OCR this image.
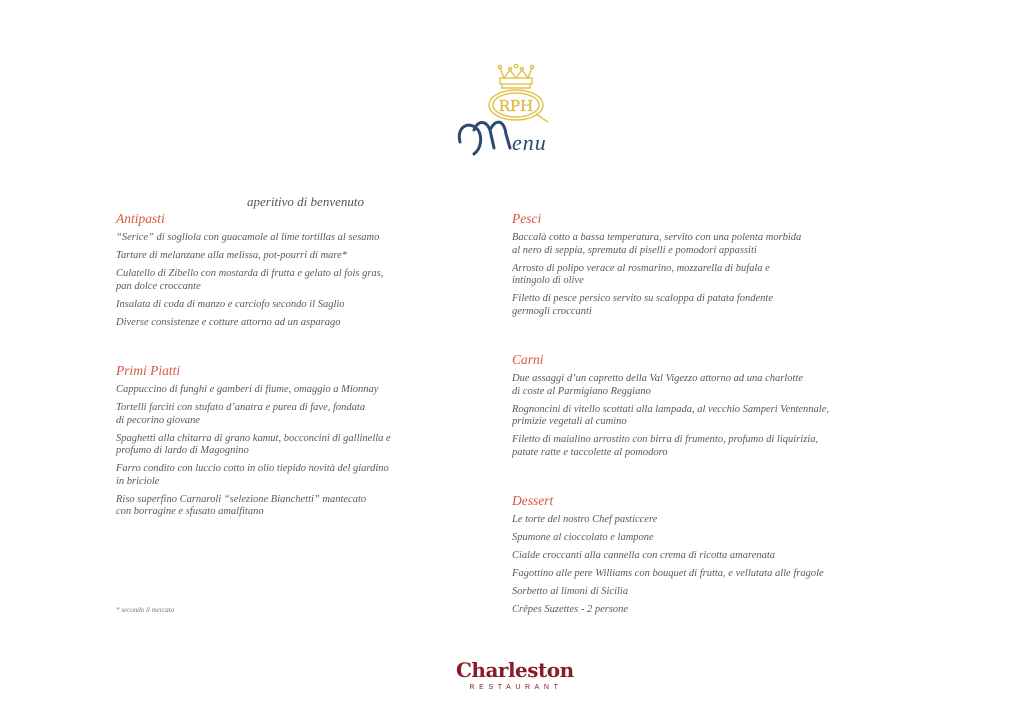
RPH
enu
aperitivo di benvenuto
Antipasti
“Serice” di sogliola con guacamole al lime tortillas al sesamo
Tartare di melanzane alla melissa, pot-pourri di mare*
Culatello di Zibello con mostarda di frutta e gelato al fois gras,
pan dolce croccante
Insalata di coda di manzo e carciofo secondo il Saglio
Diverse consistenze e cotture attorno ad un asparago
Primi Piatti
Cappuccino di funghi e gamberi di fiume, omaggio a Mionnay
Tortelli farciti con stufato d’anatra e purea di fave, fondata
di pecorino giovane
Spaghetti alla chitarra di grano kamut, bocconcini di gallinella e
profumo di lardo di Magognino
Farro condito con luccio cotto in olio tiepido novità del giardino
in briciole
Riso superfino Carnaroli “selezione Bianchetti” mantecato
con borragine e sfusato amalfitano
Pesci
Baccalà cotto a bassa temperatura, servito con una polenta morbida
al nero di seppia, spremuta di piselli e pomodori appassiti
Arrosto di polipo verace al rosmarino, mozzarella di bufala e
intingolo di olive
Filetto di pesce persico servito su scaloppa di patata fondente
germogli croccanti
Carni
Due assaggi d’un capretto della Val Vigezzo attorno ad una charlotte
di coste al Parmigiano Reggiano
Rognoncini di vitello scottati alla lampada, al vecchio Samperi Ventennale,
primizie vegetali al cumino
Filetto di maialino arrostito con birra di frumento, profumo di liquirizia,
patate ratte e taccolette al pomodoro
Dessert
Le torte del nostro Chef pasticcere
Spumone al cioccolato e lampone
Cialde croccanti alla cannella con crema di ricotta amarenata
Fagottino alle pere Williams con bouquet di frutta, e vellutata alle fragole
Sorbetto ai limoni di Sicilia
Crêpes Suzettes - 2 persone
* secondo il mercato
Charleston
RESTAURANT
